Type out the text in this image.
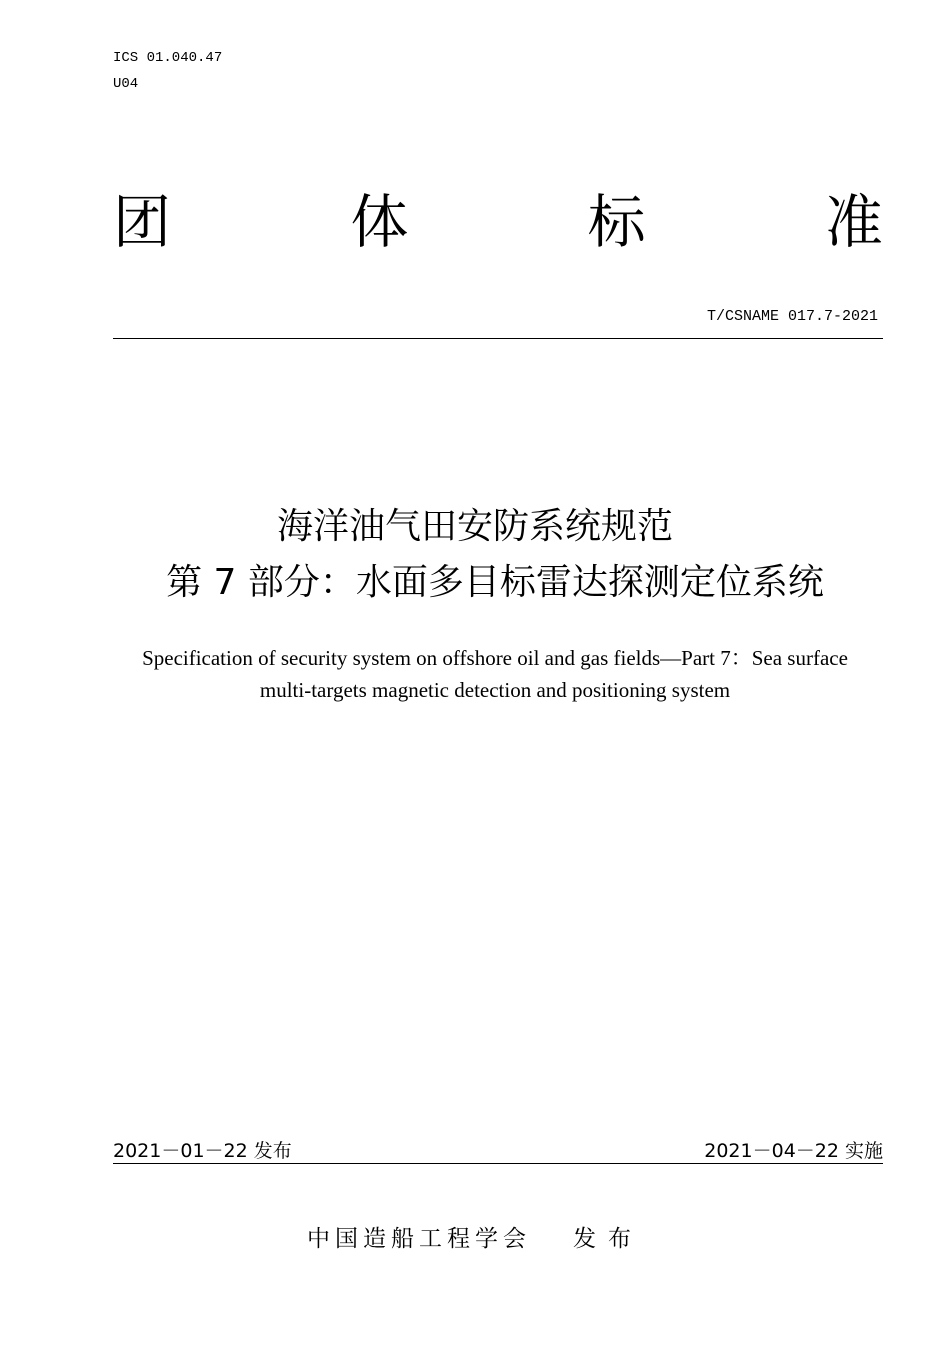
ICS 01.040.47
U04
团	体	标	准
T/CSNAME 017.7-2021
海洋油气田安防系统规范
第 7 部分：水面多目标雷达探测定位系统
Specification of security system on offshore oil and gas fields—Part 7：Sea surface
multi-targets magnetic detection and positioning system
2021－01－22 发布	2021－04－22 实施
中国造船工程学会 发布
